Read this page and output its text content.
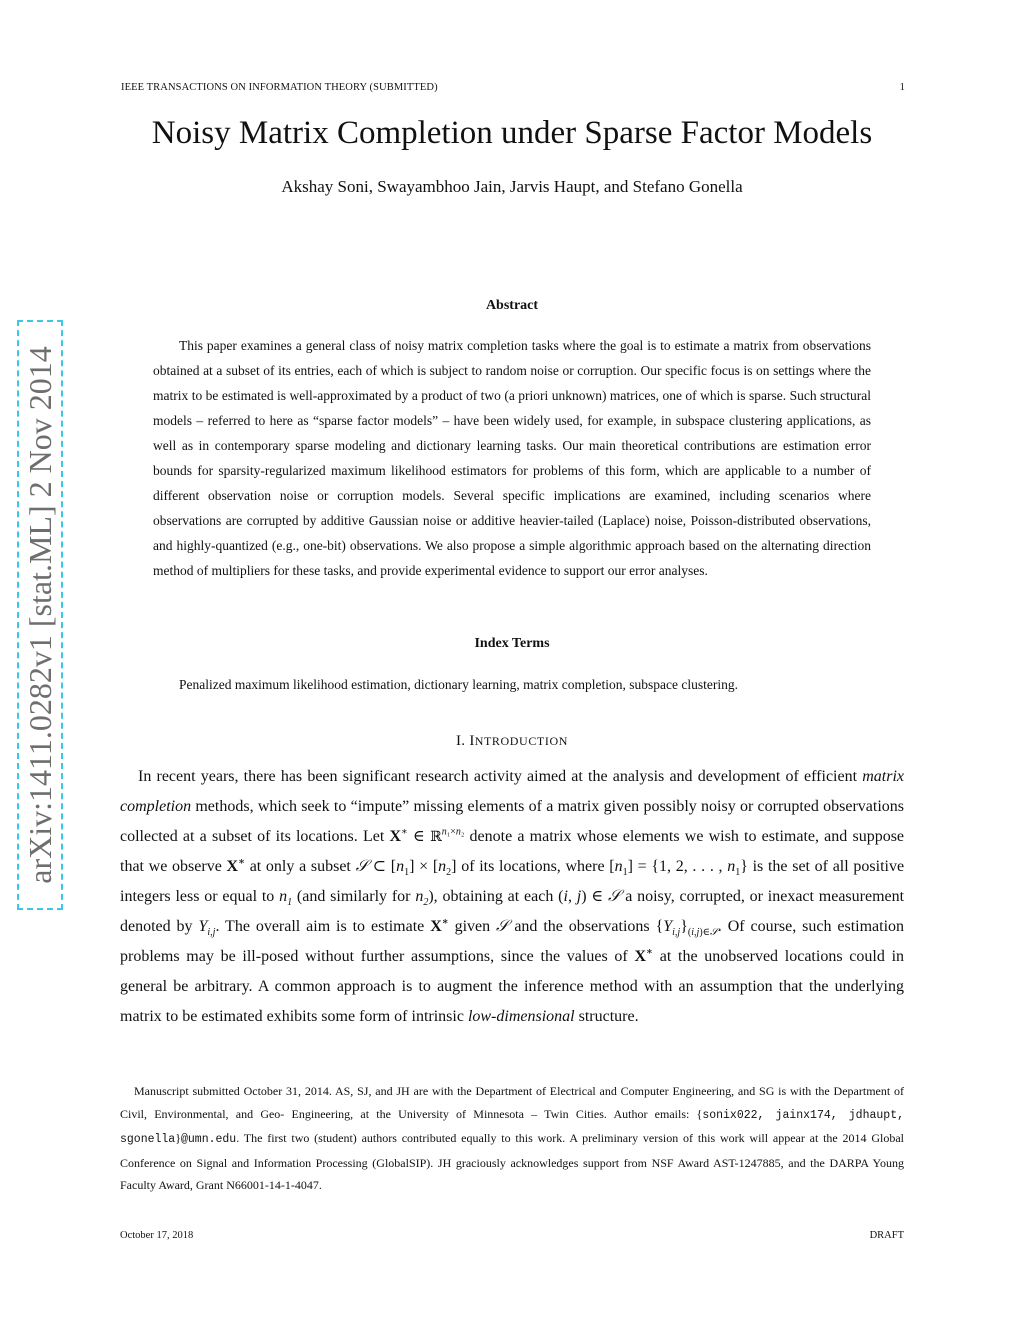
IEEE TRANSACTIONS ON INFORMATION THEORY (SUBMITTED)	1
Noisy Matrix Completion under Sparse Factor Models
Akshay Soni, Swayambhoo Jain, Jarvis Haupt, and Stefano Gonella
arXiv:1411.0282v1 [stat.ML] 2 Nov 2014
Abstract

This paper examines a general class of noisy matrix completion tasks where the goal is to estimate a matrix from observations obtained at a subset of its entries, each of which is subject to random noise or corruption. Our specific focus is on settings where the matrix to be estimated is well-approximated by a product of two (a priori unknown) matrices, one of which is sparse. Such structural models – referred to here as “sparse factor models” – have been widely used, for example, in subspace clustering applications, as well as in contemporary sparse modeling and dictionary learning tasks. Our main theoretical contributions are estimation error bounds for sparsity-regularized maximum likelihood estimators for problems of this form, which are applicable to a number of different observation noise or corruption models. Several specific implications are examined, including scenarios where observations are corrupted by additive Gaussian noise or additive heavier-tailed (Laplace) noise, Poisson-distributed observations, and highly-quantized (e.g., one-bit) observations. We also propose a simple algorithmic approach based on the alternating direction method of multipliers for these tasks, and provide experimental evidence to support our error analyses.

Index Terms
Penalized maximum likelihood estimation, dictionary learning, matrix completion, subspace clustering.
I. INTRODUCTION

In recent years, there has been significant research activity aimed at the analysis and development of efficient matrix completion methods, which seek to “impute” missing elements of a matrix given possibly noisy or corrupted observations collected at a subset of its locations. Let X∗ ∈ ℝ$^{n_1\times n_2}$ denote a matrix whose elements we wish to estimate, and suppose that we observe X∗ at only a subset 𝒮 ⊂ $[n_1] \times [n_2]$ of its locations, where $[n_1] = \{1$, 2, . . . , $n_1$} is the set of all positive integers less or equal to $n_1$ (and similarly for $n_2$), obtaining at each (i, j) ∈ 𝒮 a noisy, corrupted, or inexact measurement denoted by $Y_{i,j}$. The overall aim is to estimate X∗ given 𝒮 and the observations $\{Y_{i,j}\}_{(i,j)\in 𝒮}$. Of course, such estimation problems may be ill-posed without further assumptions, since the values of X∗ at the unobserved locations could in general be arbitrary. A common approach is to augment the inference method with an assumption that the underlying matrix to be estimated exhibits some form of intrinsic low-dimensional structure.

Manuscript submitted October 31, 2014. AS, SJ, and JH are with the Department of Electrical and Computer Engineering, and SG is with the Department of Civil, Environmental, and Geo- Engineering, at the University of Minnesota – Twin Cities. Author emails: {sonix022, jainx174, jdhaupt, sgonella}@umn.edu. The first two (student) authors contributed equally to this work. A preliminary version of this work will appear at the 2014 Global Conference on Signal and Information Processing (GlobalSIP). JH graciously acknowledges support from NSF Award AST-1247885, and the DARPA Young Faculty Award, Grant N66001-14-1-4047.

October 17, 2018	DRAFT
